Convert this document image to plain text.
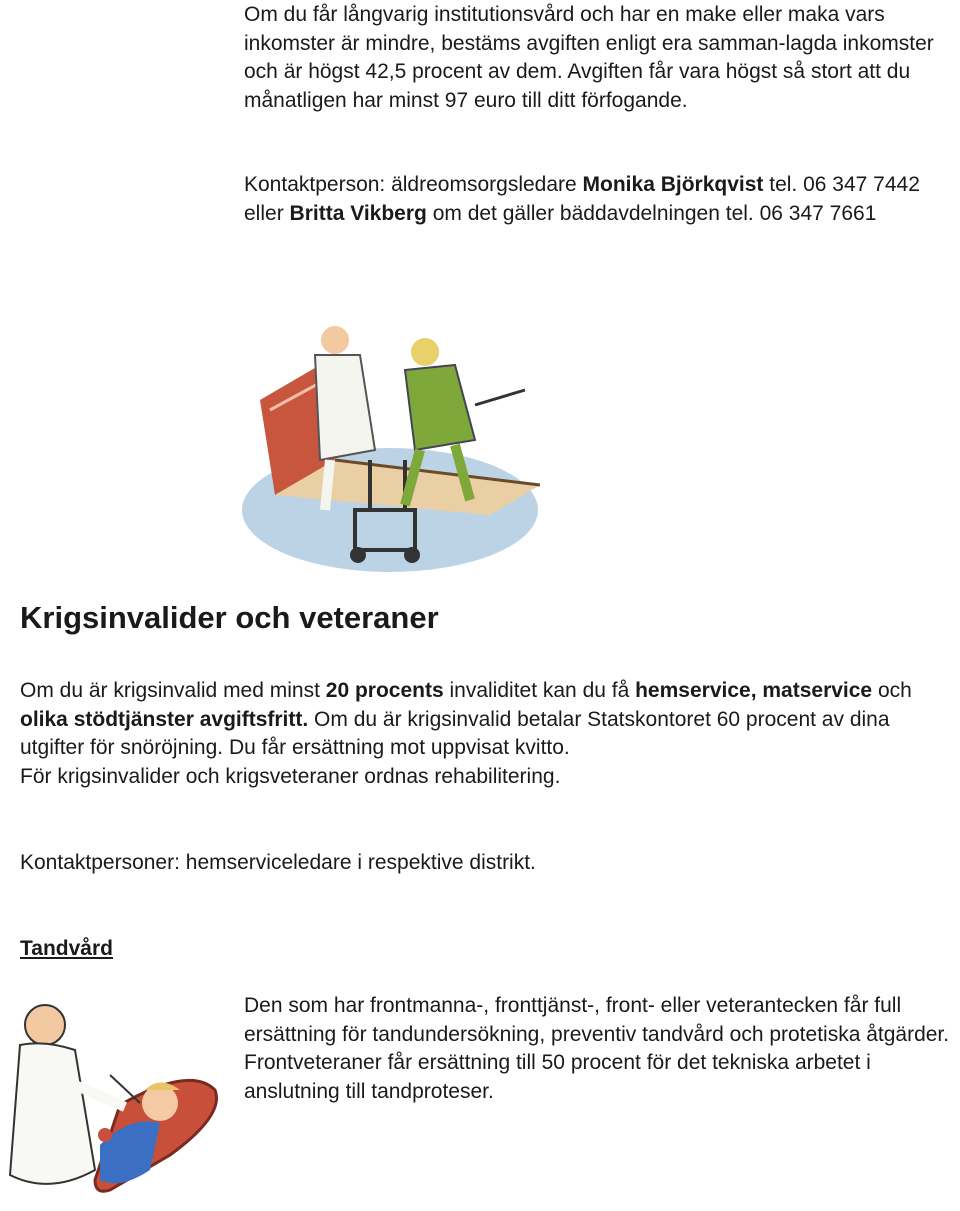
Om du får långvarig institutionsvård och har en make eller maka vars inkomster är mindre, bestäms avgiften enligt era samman-lagda inkomster och är högst 42,5 procent av dem. Avgiften får vara högst så stort att du månatligen har minst 97 euro till ditt förfogande.

Kontaktperson: äldreomsorgsledare Monika Björkqvist tel. 06 347 7442 eller Britta Vikberg om det gäller bäddavdelningen tel. 06 347 7661

Krigsinvalider och veteraner

Om du är krigsinvalid med minst 20 procents invaliditet kan du få hemservice, matservice och olika stödtjänster avgiftsfritt. Om du är krigsinvalid betalar Statskontoret 60 procent av dina utgifter för snöröjning. Du får ersättning mot uppvisat kvitto.
För krigsinvalider och krigsveteraner ordnas rehabilitering.

Kontaktpersoner: hemserviceledare i respektive distrikt.

Tandvård

Den som har frontmanna-, fronttjänst-, front- eller veterantecken får full ersättning för tandundersökning, preventiv tandvård och protetiska åtgärder. Frontveteraner får ersättning till 50 procent för det tekniska arbetet i anslutning till tandproteser.
